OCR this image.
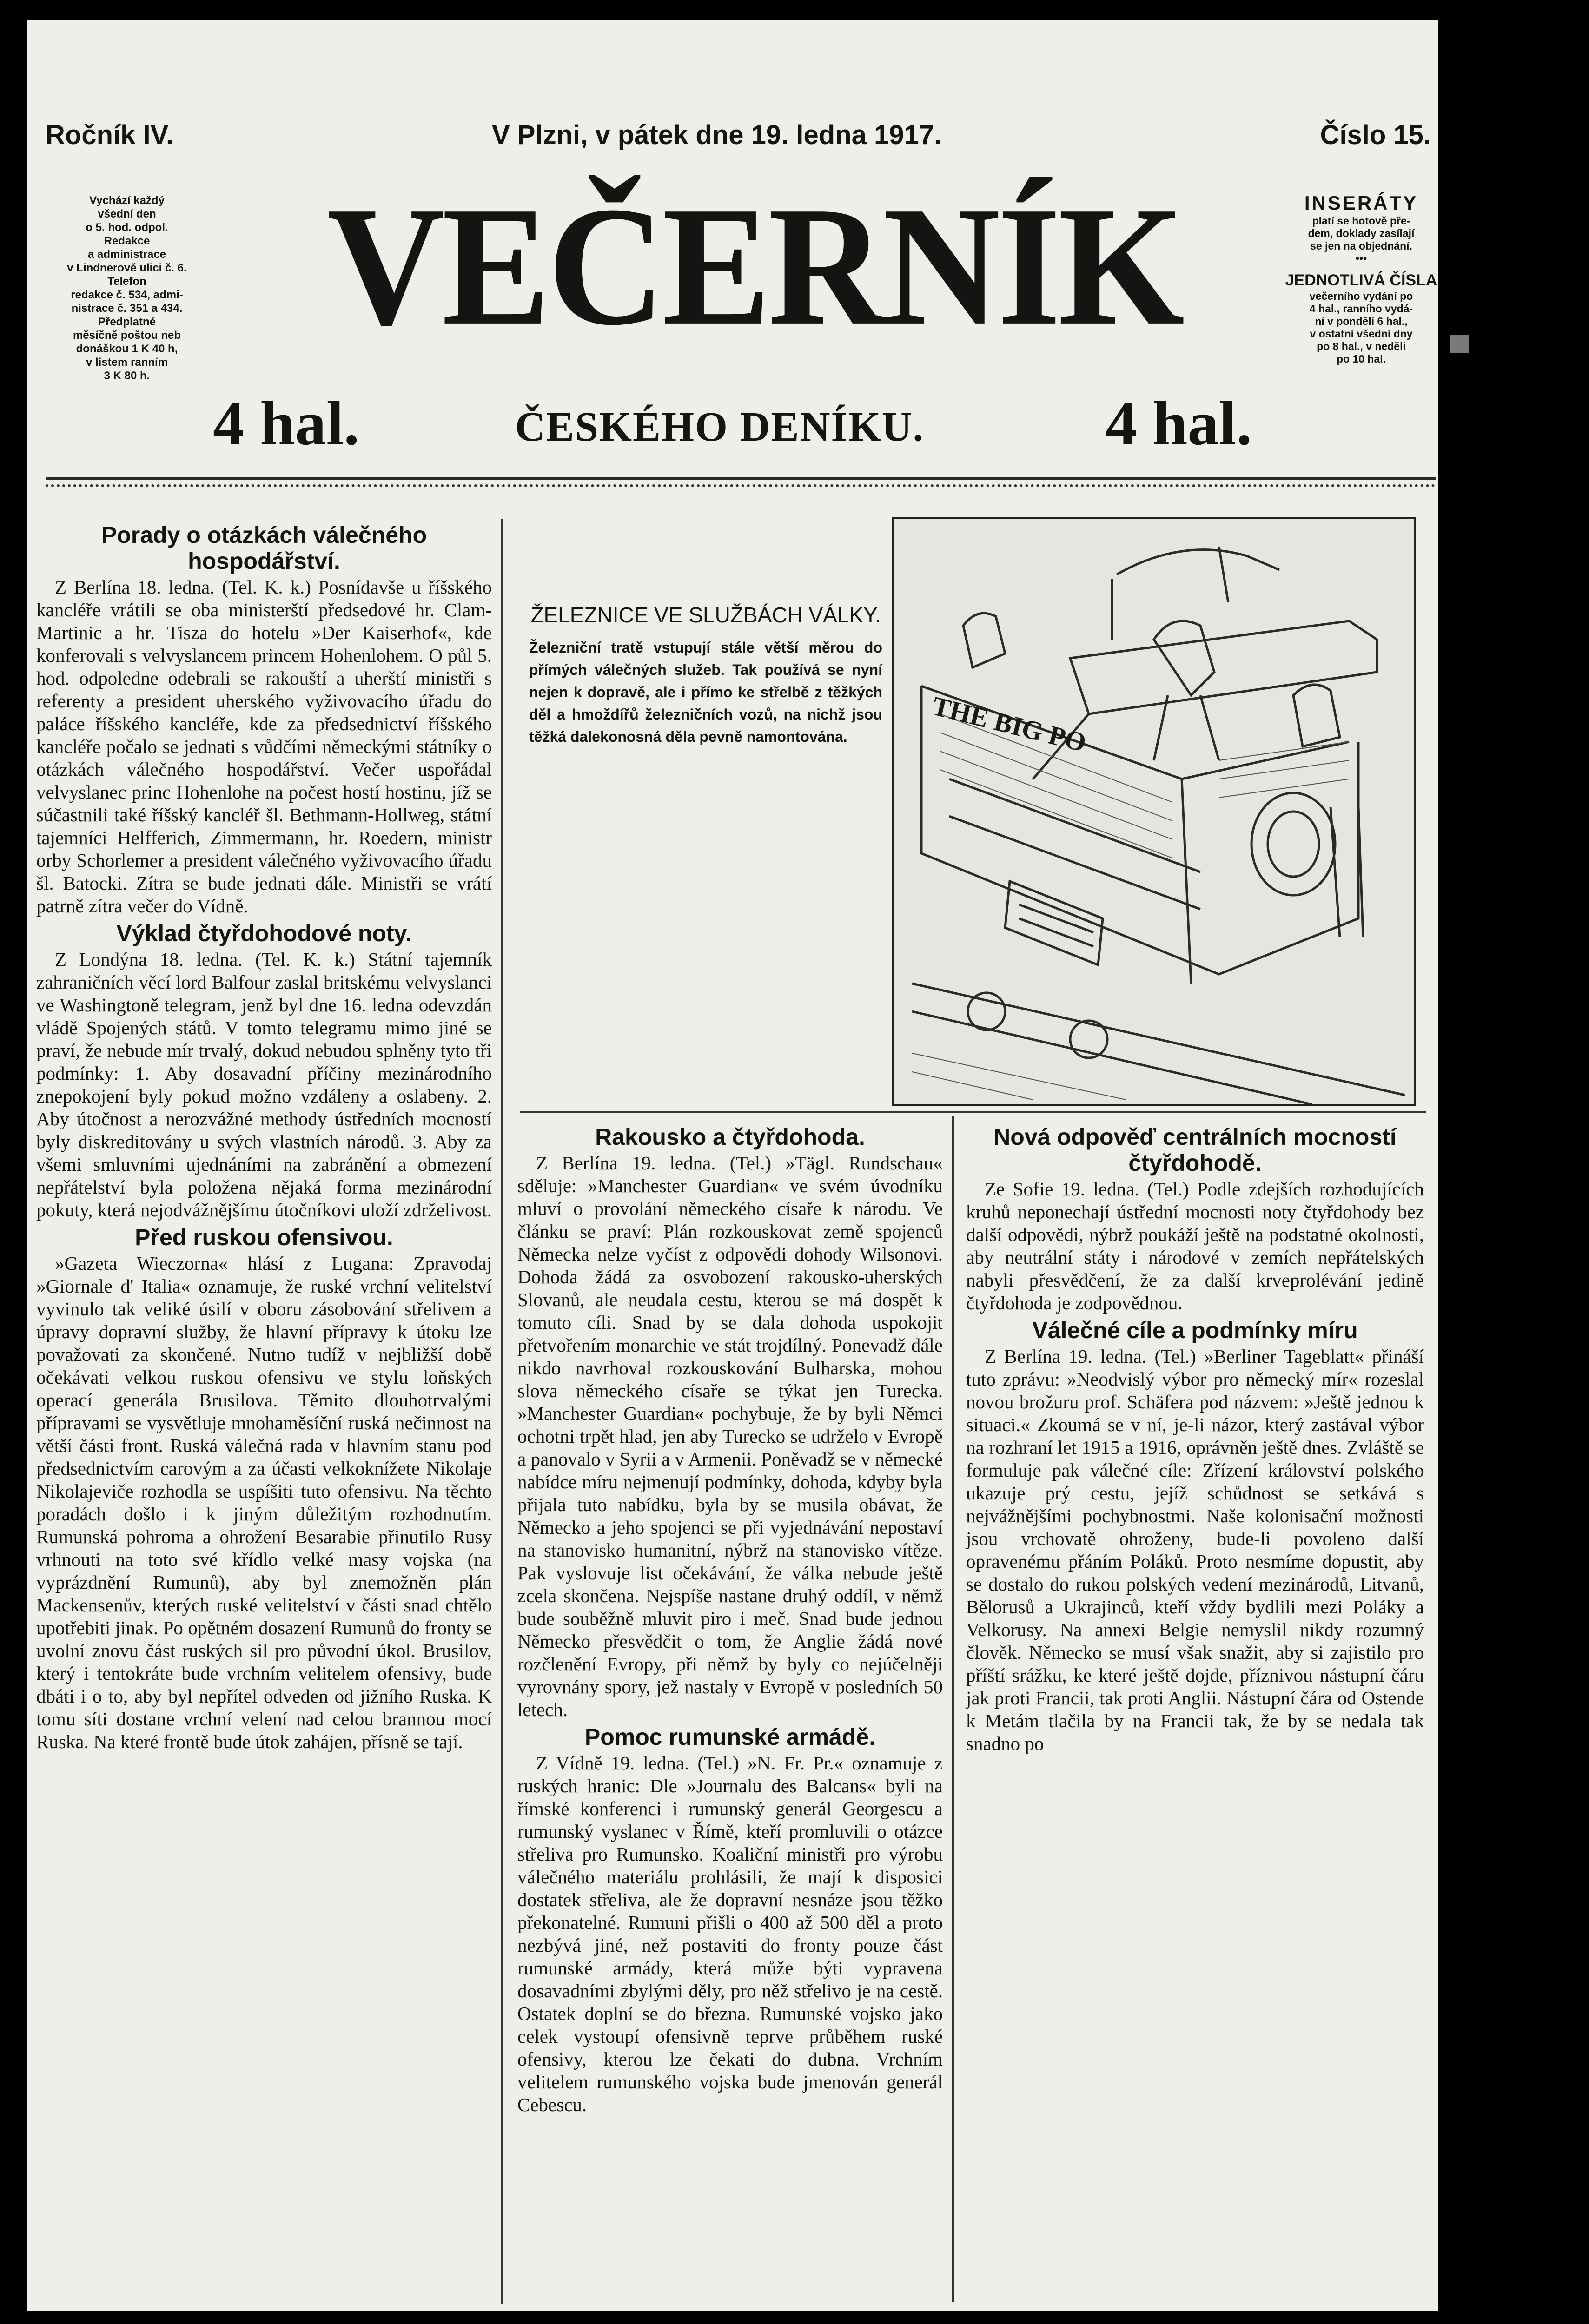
Ročník IV.	V Plzni, v pátek dne 19. ledna 1917.	Číslo 15.
Vychází každý
všední den
o 5. hod. odpol.
Redakce
a administrace
v Lindnerově ulici č. 6.
Telefon
redakce č. 534, admi-
nistrace č. 351 a 434.
Předplatné
měsíčně poštou neb
donáškou 1 K 40 h,
v listem ranním
3 K 80 h.
VEČERNÍK
4 hal.	ČESKÉHO DENÍKU.	4 hal.
INSERÁTY
platí se hotově pře-
dem, doklady zasílají
se jen na objednání.
•••
JEDNOTLIVÁ ČÍSLA
večerního vydání po
4 hal., ranního vydá-
ní v pondělí 6 hal.,
v ostatní všední dny
po 8 hal., v neděli
po 10 hal.
Porady o otázkách válečného hospodářství.

Z Berlína 18. ledna. (Tel. K. k.) Posnídavše u říšského kancléře vrátili se oba ministerští předsedové hr. Clam-Martinic a hr. Tisza do hotelu »Der Kaiserhof«, kde konferovali s velvyslancem princem Hohenlohem. O půl 5. hod. odpoledne odebrali se rakouští a uherští ministři s referenty a president uherského vyživovacího úřadu do paláce říšského kancléře, kde za předsednictví říšského kancléře počalo se jednati s vůdčími německými státníky o otázkách válečného hospodářství. Večer uspořádal velvyslanec princ Hohenlohe na počest hostí hostinu, jíž se súčastnili také říšský kancléř šl. Bethmann-Hollweg, státní tajemníci Helfferich, Zimmermann, hr. Roedern, ministr orby Schorlemer a president válečného vyživovacího úřadu šl. Batocki. Zítra se bude jednati dále. Ministři se vrátí patrně zítra večer do Vídně.

Výklad čtyřdohodové noty.

Z Londýna 18. ledna. (Tel. K. k.) Státní tajemník zahraničních věcí lord Balfour zaslal britskému velvyslanci ve Washingtoně telegram, jenž byl dne 16. ledna odevzdán vládě Spojených států. V tomto telegramu mimo jiné se praví, že nebude mír trvalý, dokud nebudou splněny tyto tři podmínky: 1. Aby dosavadní příčiny mezinárodního znepokojení byly pokud možno vzdáleny a oslabeny. 2. Aby útočnost a nerozvážné methody ústředních mocností byly diskreditovány u svých vlastních národů. 3. Aby za všemi smluvními ujednáními na zabránění a obmezení nepřátelství byla položena nějaká forma mezinárodní pokuty, která nejodvážnějšímu útočníkovi uloží zdrželivost.

Před ruskou ofensivou.

»Gazeta Wieczorna« hlásí z Lugana: Zpravodaj »Giornale d' Italia« oznamuje, že ruské vrchní velitelství vyvinulo tak veliké úsilí v oboru zásobování střelivem a úpravy dopravní služby, že hlavní přípravy k útoku lze považovati za skončené. Nutno tudíž v nejbližší době očekávati velkou ruskou ofensivu ve stylu loňských operací generála Brusilova. Těmito dlouhotrvalými přípravami se vysvětluje mnohaměsíční ruská nečinnost na větší části front. Ruská válečná rada v hlavním stanu pod předsednictvím carovým a za účasti velkoknížete Nikolaje Nikolajeviče rozhodla se uspíšiti tuto ofensivu. Na těchto poradách došlo i k jiným důležitým rozhodnutím. Rumunská pohroma a ohrožení Besarabie přinutilo Rusy vrhnouti na toto své křídlo velké masy vojska (na vyprázdnění Rumunů), aby byl znemožněn plán Mackensenův, kterých ruské velitelství v části snad chtělo upotřebiti jinak. Po opětném dosazení Rumunů do fronty se uvolní znovu část ruských sil pro původní úkol. Brusilov, který i tentokráte bude vrchním velitelem ofensivy, bude dbáti i o to, aby byl nepřítel odveden od jižního Ruska. K tomu síti dostane vrchní velení nad celou brannou mocí Ruska. Na které frontě bude útok zahájen, přísně se tají.

ŽELEZNICE VE SLUŽBÁCH VÁLKY.
Železniční tratě vstupují stále větší měrou do přímých válečných služeb. Tak používá se nyní nejen k dopravě, ale i přímo ke střelbě z těžkých děl a hmoždířů železničních vozů, na nichž jsou těžká dalekonosná děla pevně namontována.	THE BIG PO
Rakousko a čtyřdohoda.

Z Berlína 19. ledna. (Tel.) »Tägl. Rundschau« sděluje: »Manchester Guardian« ve svém úvodníku mluví o provolání německého císaře k národu. Ve článku se praví: Plán rozkouskovat země spojenců Německa nelze vyčíst z odpovědi dohody Wilsonovi. Dohoda žádá za osvobození rakousko-uherských Slovanů, ale neudala cestu, kterou se má dospět k tomuto cíli. Snad by se dala dohoda uspokojit přetvořením monarchie ve stát trojdílný. Ponevadž dále nikdo navrhoval rozkouskování Bulharska, mohou slova německého císaře se týkat jen Turecka. »Manchester Guardian« pochybuje, že by byli Němci ochotni trpět hlad, jen aby Turecko se udrželo v Evropě a panovalo v Syrii a v Armenii. Poněvadž se v německé nabídce míru nejmenují podmínky, dohoda, kdyby byla přijala tuto nabídku, byla by se musila obávat, že Německo a jeho spojenci se při vyjednávání nepostaví na stanovisko humanitní, nýbrž na stanovisko vítěze. Pak vyslovuje list očekávání, že válka nebude ještě zcela skončena. Nejspíše nastane druhý oddíl, v němž bude souběžně mluvit piro i meč. Snad bude jednou Německo přesvědčit o tom, že Anglie žádá nové rozčlenění Evropy, při němž by byly co nejúčelněji vyrovnány spory, jež nastaly v Evropě v posledních 50 letech.

Pomoc rumunské armádě.

Z Vídně 19. ledna. (Tel.) »N. Fr. Pr.« oznamuje z ruských hranic: Dle »Journalu des Balcans« byli na římské konferenci i rumunský generál Georgescu a rumunský vyslanec v Římě, kteří promluvili o otázce střeliva pro Rumunsko. Koaliční ministři pro výrobu válečného materiálu prohlásili, že mají k disposici dostatek střeliva, ale že dopravní nesnáze jsou těžko překonatelné. Rumuni přišli o 400 až 500 děl a proto nezbývá jiné, než postaviti do fronty pouze část rumunské armády, která může býti vypravena dosavadními zbylými děly, pro něž střelivo je na cestě. Ostatek doplní se do března. Rumunské vojsko jako celek vystoupí ofensivně teprve průběhem ruské ofensivy, kterou lze čekati do dubna. Vrchním velitelem rumunského vojska bude jmenován generál Cebescu.

Nová odpověď centrálních mocností čtyřdohodě.

Ze Sofie 19. ledna. (Tel.) Podle zdejších rozhodujících kruhů neponechají ústřední mocnosti noty čtyřdohody bez další odpovědi, nýbrž poukáží ještě na podstatné okolnosti, aby neutrální státy i národové v zemích nepřátelských nabyli přesvědčení, že za další krveprolévání jedině čtyřdohoda je zodpovědnou.

Válečné cíle a podmínky míru

Z Berlína 19. ledna. (Tel.) »Berliner Tageblatt« přináší tuto zprávu: »Neodvislý výbor pro německý mír« rozeslal novou brožuru prof. Schäfera pod názvem: »Ještě jednou k situaci.« Zkoumá se v ní, je-li názor, který zastával výbor na rozhraní let 1915 a 1916, oprávněn ještě dnes. Zvláště se formuluje pak válečné cíle: Zřízení království polského ukazuje prý cestu, jejíž schůdnost se setkává s nejvážnějšími pochybnostmi. Naše kolonisační možnosti jsou vrchovatě ohroženy, bude-li povoleno další opravenému přáním Poláků. Proto nesmíme dopustit, aby se dostalo do rukou polských vedení mezinárodů, Litvanů, Bělorusů a Ukrajinců, kteří vždy bydlili mezi Poláky a Velkorusy. Na annexi Belgie nemyslil nikdy rozumný člověk. Německo se musí však snažit, aby si zajistilo pro příští srážku, ke které ještě dojde, příznivou nástupní čáru jak proti Francii, tak proti Anglii. Nástupní čára od Ostende k Metám tlačila by na Francii tak, že by se nedala tak snadno po
